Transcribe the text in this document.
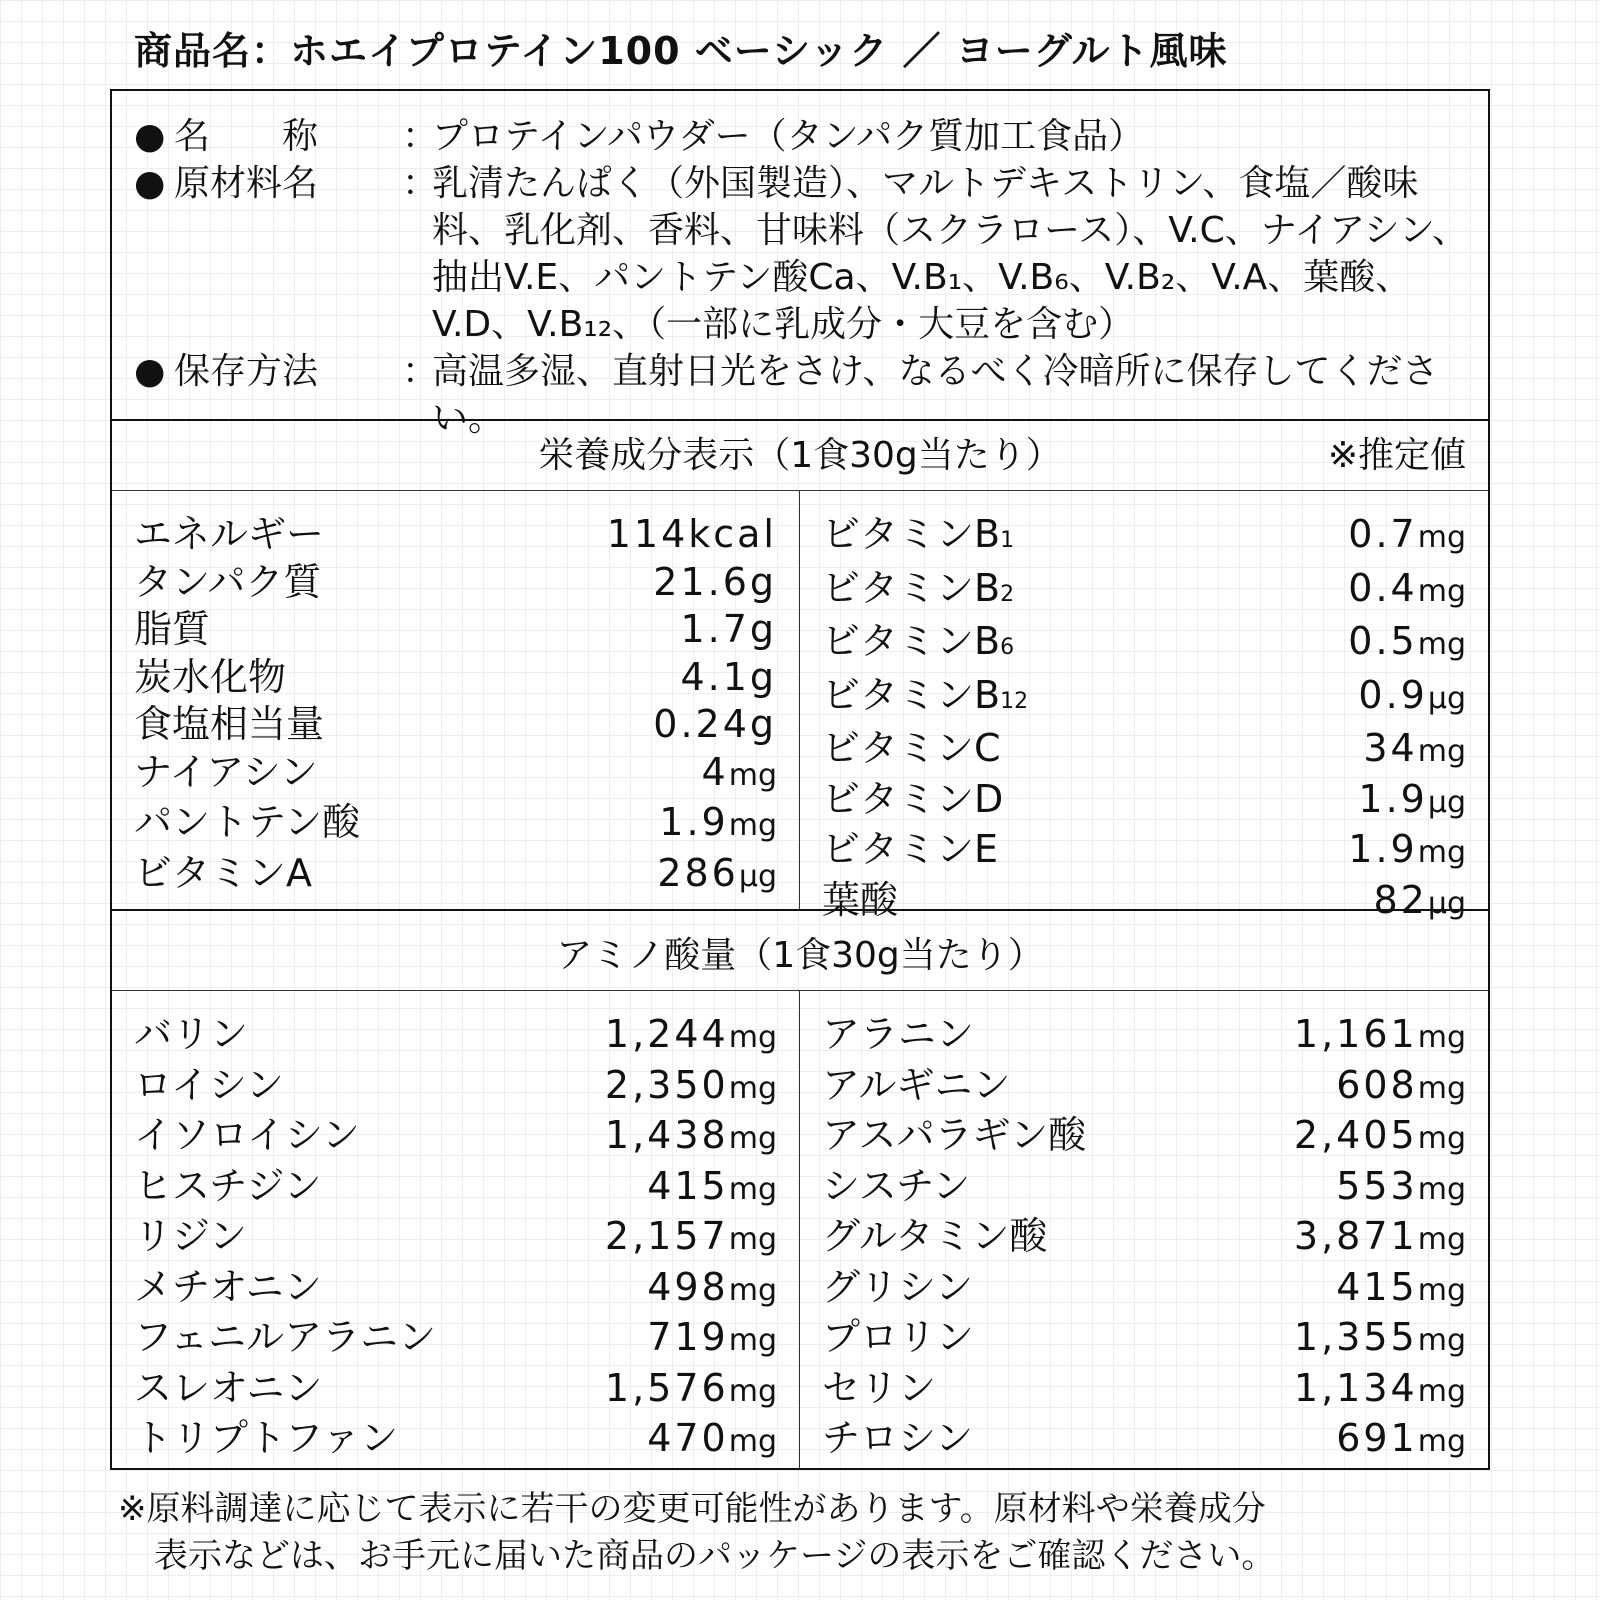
商品名：ホエイプロテイン100 ベーシック ／ ヨーグルト風味
● 名　　称	：
プロテインパウダー（タンパク質加工食品）
● 原材料名	：
乳清たんぱく（外国製造）、マルトデキストリン、食塩／酸味料、乳化剤、香料、甘味料（スクラロース）、V.C、ナイアシン、抽出V.E、パントテン酸Ca、V.B₁、V.B₆、V.B₂、V.A、葉酸、V.D、V.B₁₂、（一部に乳成分・大豆を含む）
● 保存方法	：
高温多湿、直射日光をさけ、なるべく冷暗所に保存してください。
栄養成分表示（1食30g当たり）	※推定値
エネルギー	114kcal
タンパク質	21.6g
脂質	1.7g
炭水化物	4.1g
食塩相当量	0.24g
ナイアシン	4mg
パントテン酸	1.9mg
ビタミンA	286μg
ビタミンB1	0.7mg
ビタミンB2	0.4mg
ビタミンB6	0.5mg
ビタミンB12	0.9μg
ビタミンC	34mg
ビタミンD	1.9μg
ビタミンE	1.9mg
葉酸	82μg
アミノ酸量（1食30g当たり）
バリン	1,244mg
ロイシン	2,350mg
イソロイシン	1,438mg
ヒスチジン	415mg
リジン	2,157mg
メチオニン	498mg
フェニルアラニン	719mg
スレオニン	1,576mg
トリプトファン	470mg
アラニン	1,161mg
アルギニン	608mg
アスパラギン酸	2,405mg
シスチン	553mg
グルタミン酸	3,871mg
グリシン	415mg
プロリン	1,355mg
セリン	1,134mg
チロシン	691mg
※原料調達に応じて表示に若干の変更可能性があります。原材料や栄養成分
表示などは、お手元に届いた商品のパッケージの表示をご確認ください。
